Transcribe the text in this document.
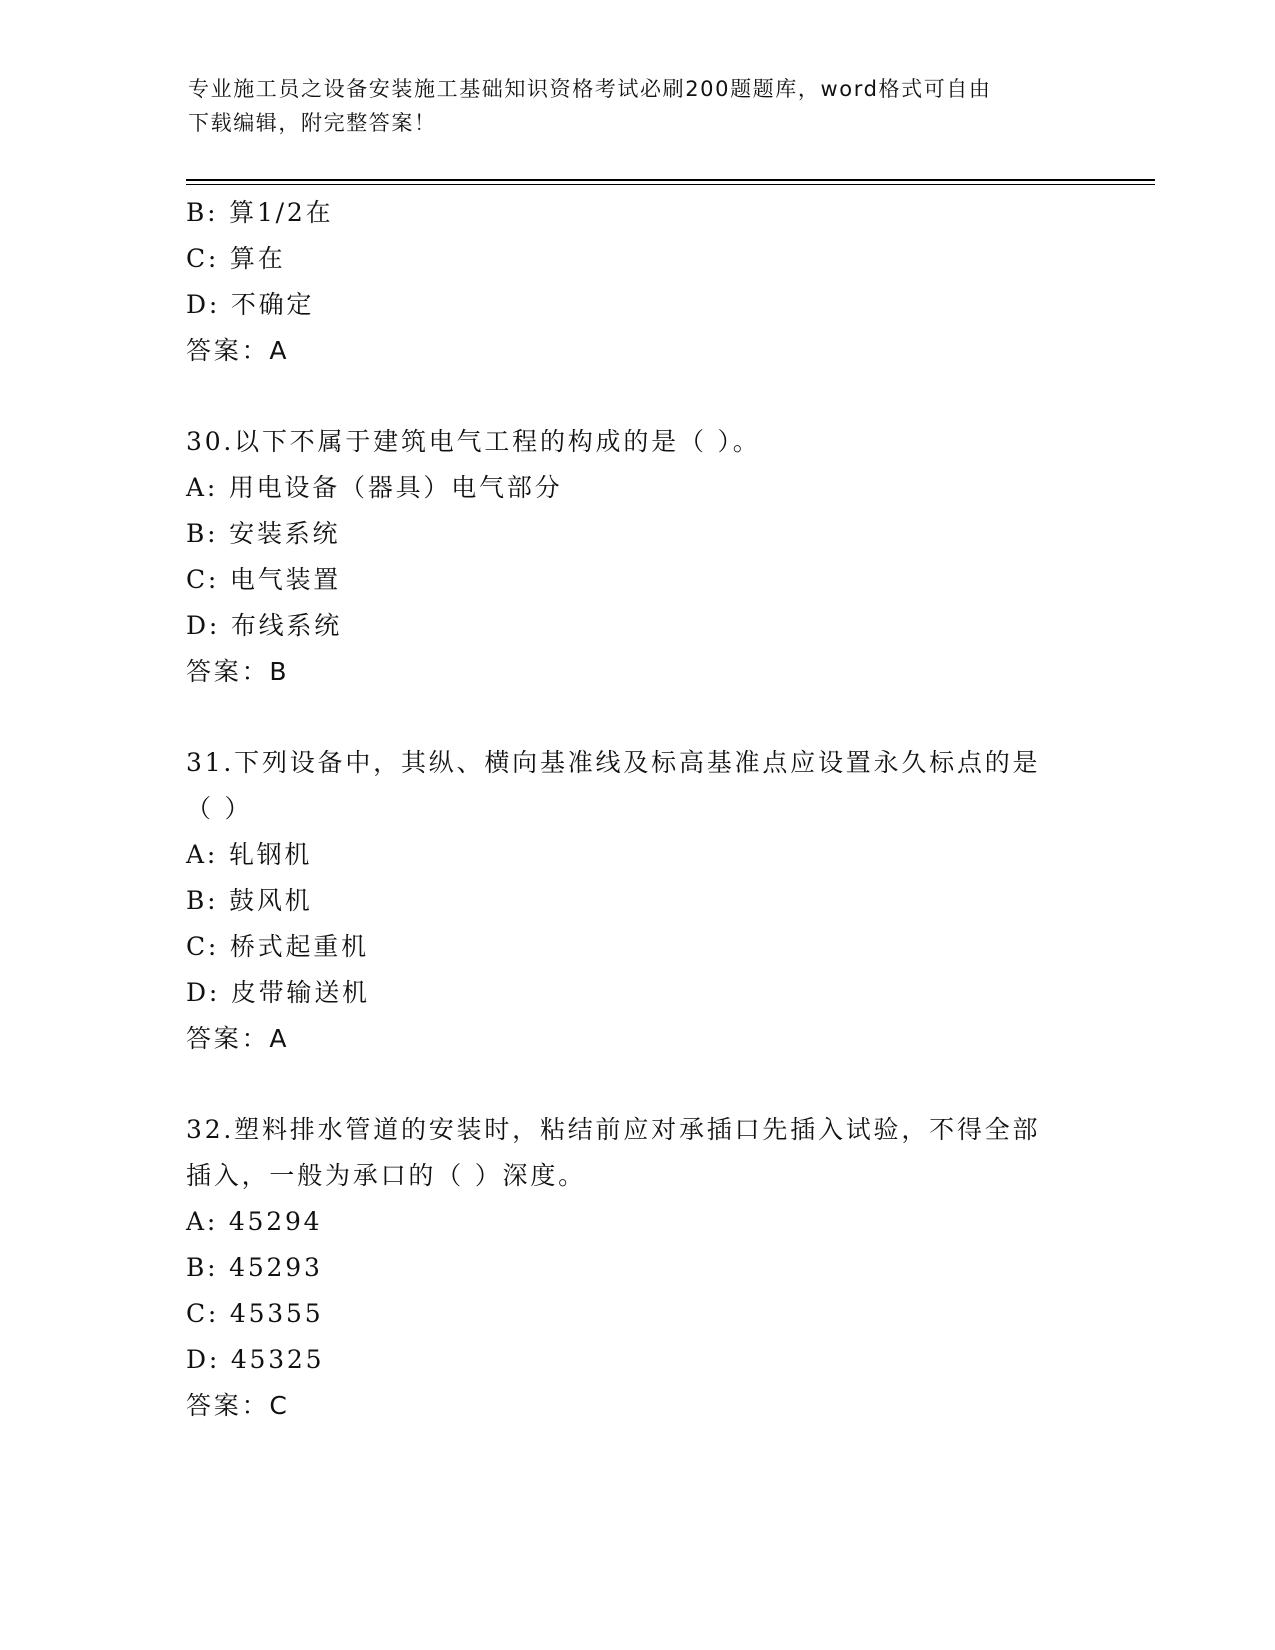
专业施工员之设备安装施工基础知识资格考试必刷200题题库，word格式可自由
下载编辑，附完整答案！
B: 算1/2在
C: 算在
D: 不确定
答案：A
30.以下不属于建筑电气工程的构成的是（ ）。
A: 用电设备（器具）电气部分
B: 安装系统
C: 电气装置
D: 布线系统
答案：B
31.下列设备中，其纵、横向基准线及标高基准点应设置永久标点的是
（ ）
A: 轧钢机
B: 鼓风机
C: 桥式起重机
D: 皮带输送机
答案：A
32.塑料排水管道的安装时，粘结前应对承插口先插入试验，不得全部
插入，一般为承口的（ ）深度。
A: 45294
B: 45293
C: 45355
D: 45325
答案：C
